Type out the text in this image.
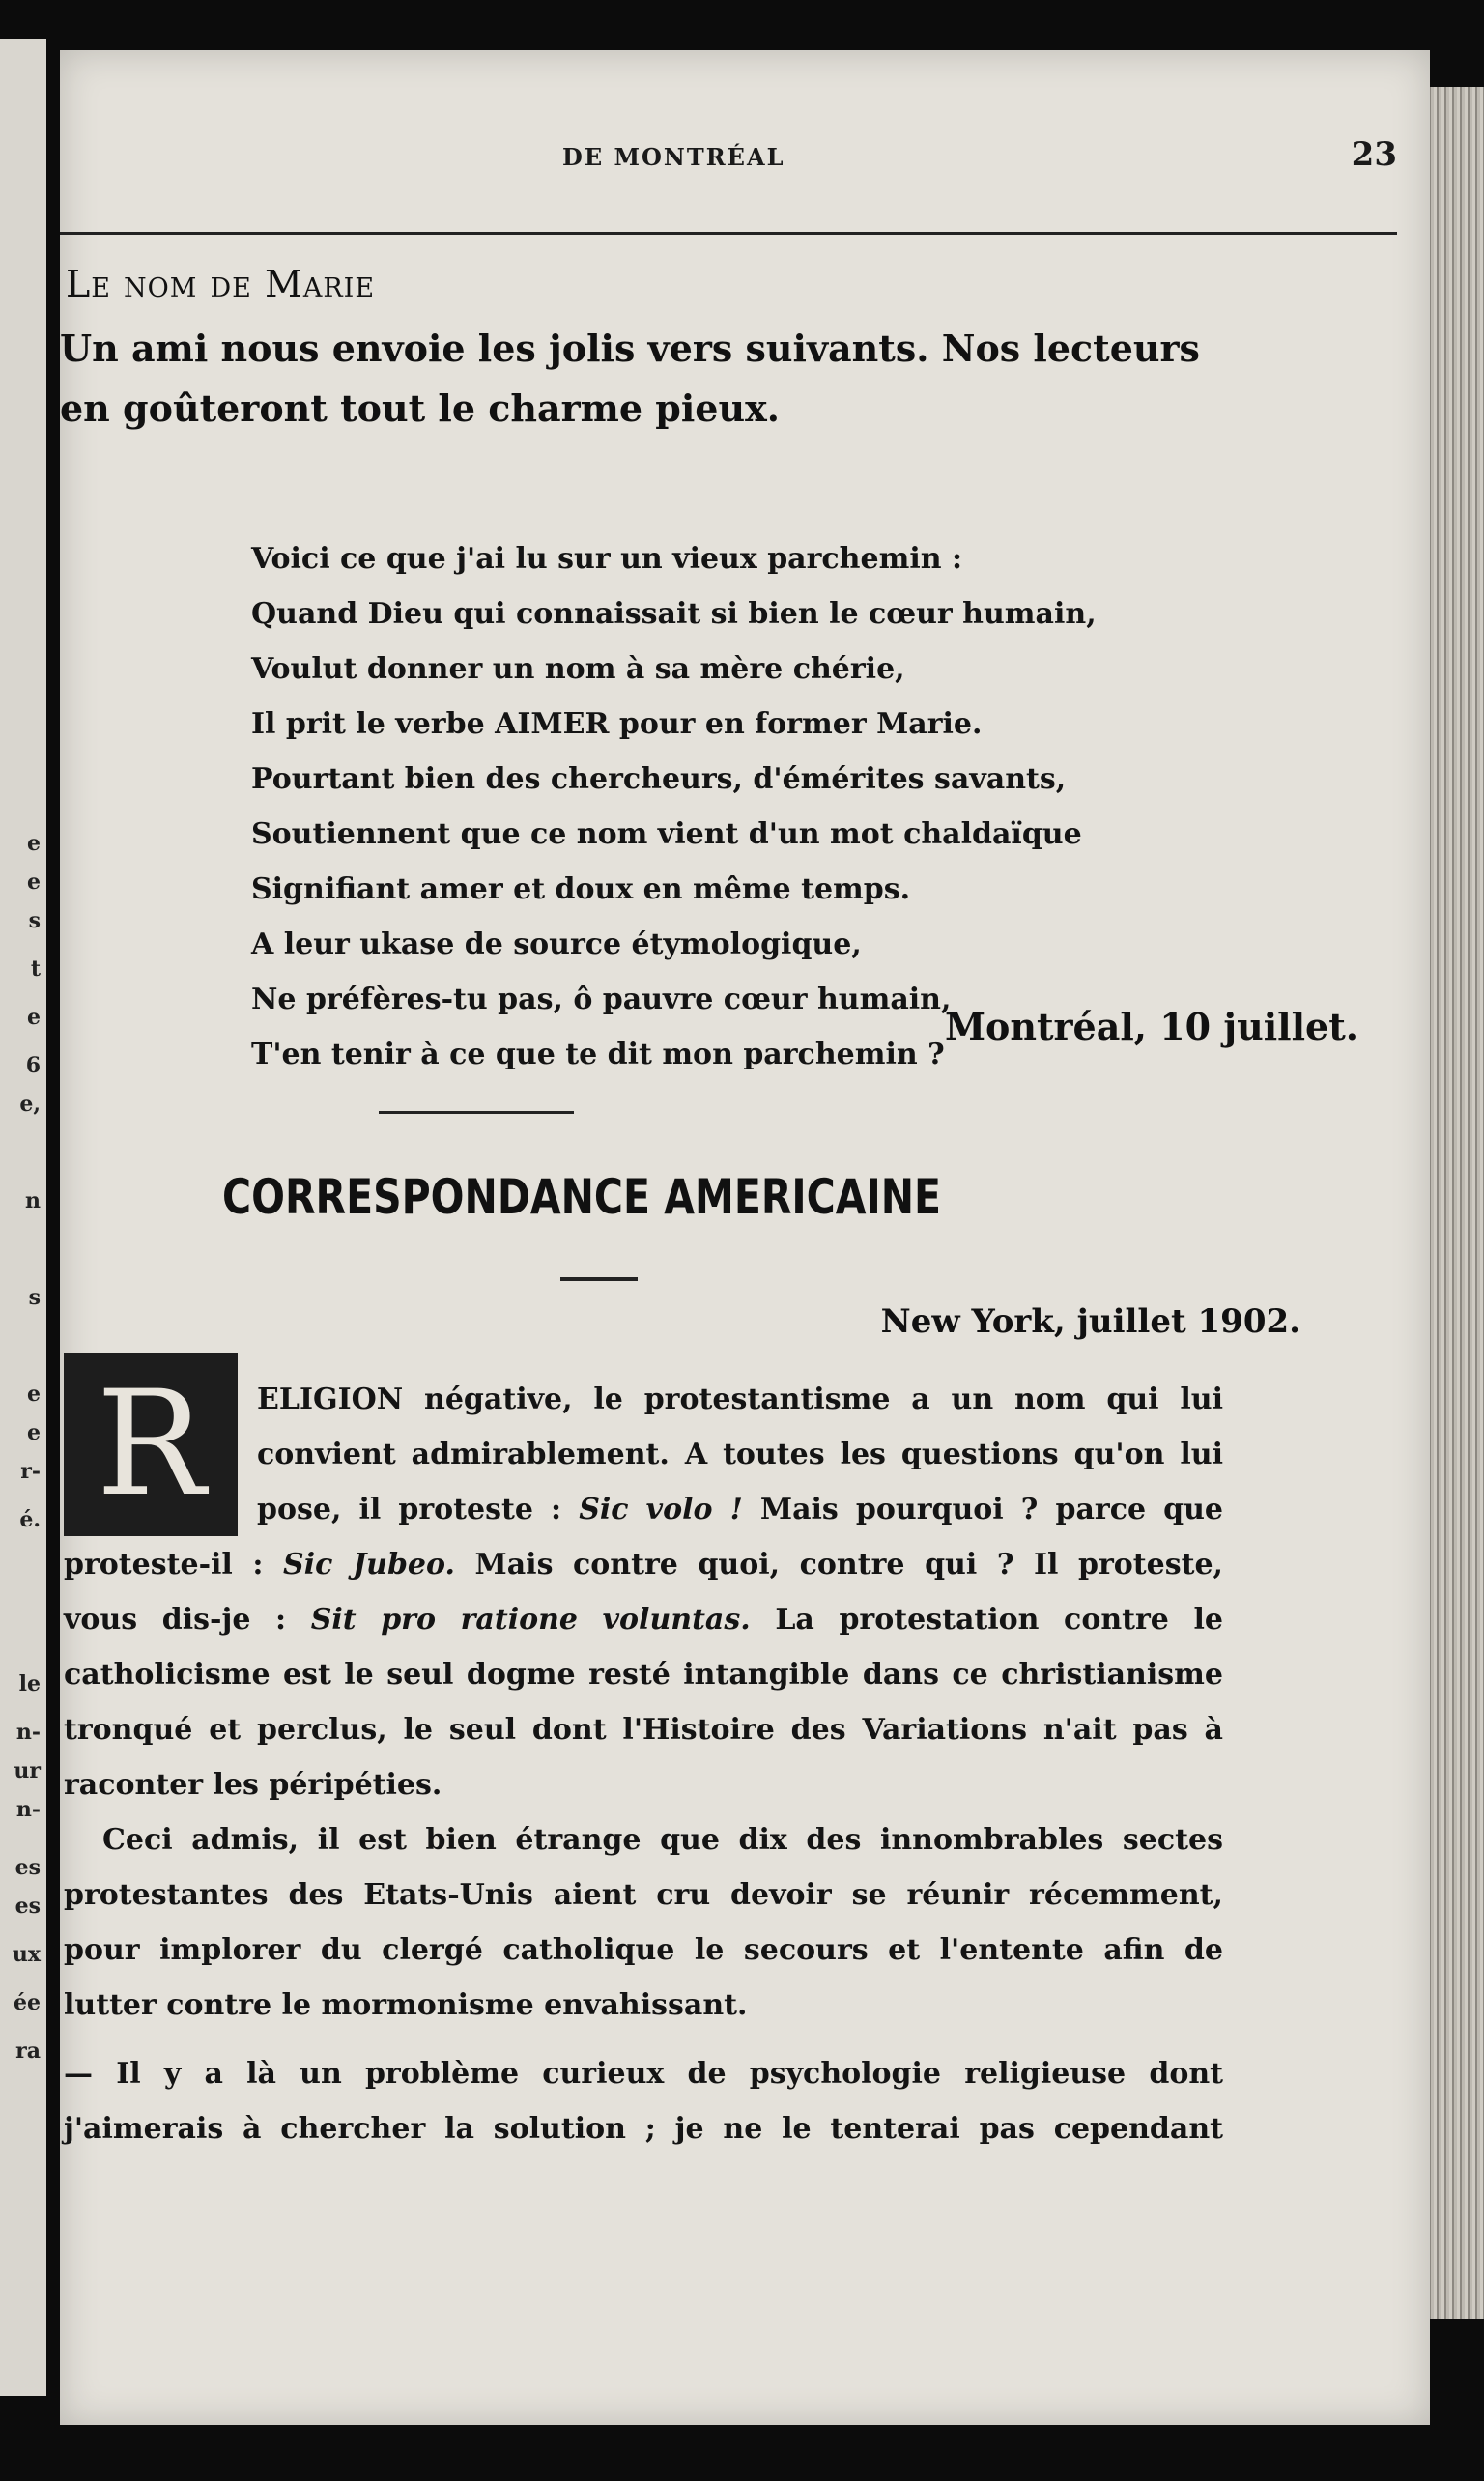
e
e
s
t
e
6
e,
n
s
e
e
r-
é.
le
n-
ur
n-
es
es
ux
ée
ra
DE MONTRÉAL	23
Le nom de Marie
Un ami nous envoie les jolis vers suivants. Nos lecteurs
en goûteront tout le charme pieux.
Voici ce que j'ai lu sur un vieux parchemin :
Quand Dieu qui connaissait si bien le cœur humain,
Voulut donner un nom à sa mère chérie,
Il prit le verbe AIMER pour en former Marie.
Pourtant bien des chercheurs, d'émérites savants,
Soutiennent que ce nom vient d'un mot chaldaïque
Signifiant amer et doux en même temps.
A leur ukase de source étymologique,
Ne préfères-tu pas, ô pauvre cœur humain,
T'en tenir à ce que te dit mon parchemin ?
Montréal, 10 juillet.
CORRESPONDANCE AMERICAINE
New York, juillet 1902.
R	ELIGION négative, le protestantisme a un nom qui lui
convient admirablement. A toutes les questions qu'on lui
pose, il proteste : Sic volo ! Mais pourquoi ? parce que
proteste-il : Sic Jubeo. Mais contre quoi, contre qui ? Il proteste,
vous dis-je : Sit pro ratione voluntas. La protestation contre le
catholicisme est le seul dogme resté intangible dans ce christianisme
tronqué et perclus, le seul dont l'Histoire des Variations n'ait pas à
raconter les péripéties.
Ceci admis, il est bien étrange que dix des innombrables sectes
protestantes des Etats-Unis aient cru devoir se réunir récemment,
pour implorer du clergé catholique le secours et l'entente afin de
lutter contre le mormonisme envahissant.
— Il y a là un problème curieux de psychologie religieuse dont
j'aimerais à chercher la solution ; je ne le tenterai pas cependant
